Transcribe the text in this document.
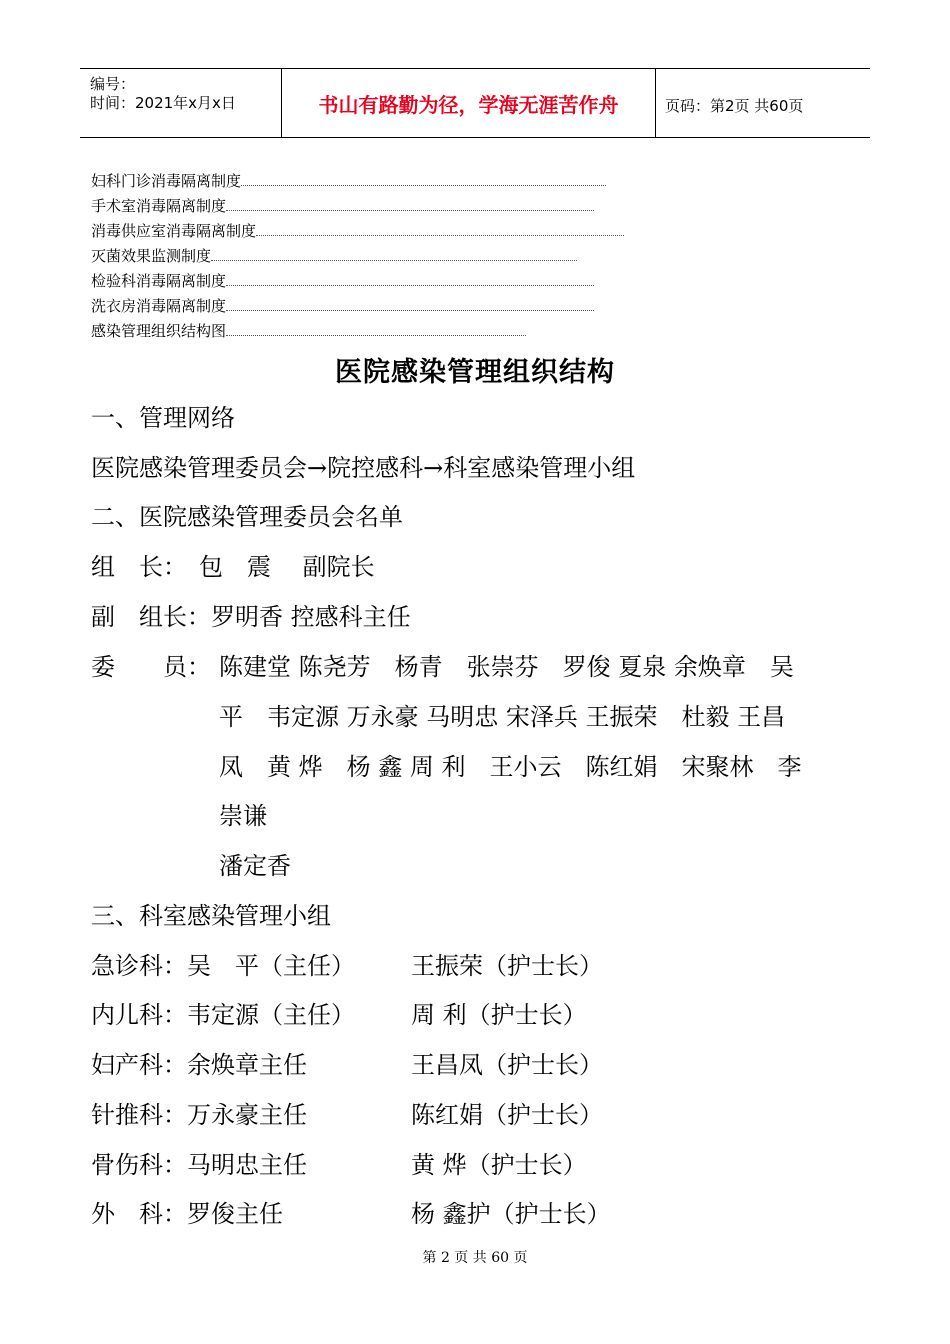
编号：
时间：2021年x月x日	书山有路勤为径，学海无涯苦作舟	页码：第2页 共60页
妇科门诊消毒隔离制度
手术室消毒隔离制度
消毒供应室消毒隔离制度
灭菌效果监测制度
检验科消毒隔离制度
洗衣房消毒隔离制度
感染管理组织结构图
医院感染管理组织结构
一、管理网络
医院感染管理委员会→院控感科→科室感染管理小组
二、医院感染管理委员会名单
组　长：　包　震　 副院长
副　组长：罗明香 控感科主任
委　　员： 陈建堂 陈尧芳　杨青　张崇芬　罗俊 夏泉 余焕章　吴
平　韦定源 万永豪 马明忠 宋泽兵 王振荣　杜毅 王昌
凤　黄 烨　杨 鑫 周 利　王小云　陈红娟　宋聚林　李
崇谦
潘定香
三、科室感染管理小组
急诊科：吴　平（主任） 王振荣（护士长）
内儿科：韦定源（主任） 周 利（护士长）
妇产科：余焕章主任	王昌凤（护士长）
针推科：万永豪主任	陈红娟（护士长）
骨伤科：马明忠主任	黄 烨（护士长）
外　科：罗俊主任	杨 鑫护（护士长）
第 2 页 共 60 页
